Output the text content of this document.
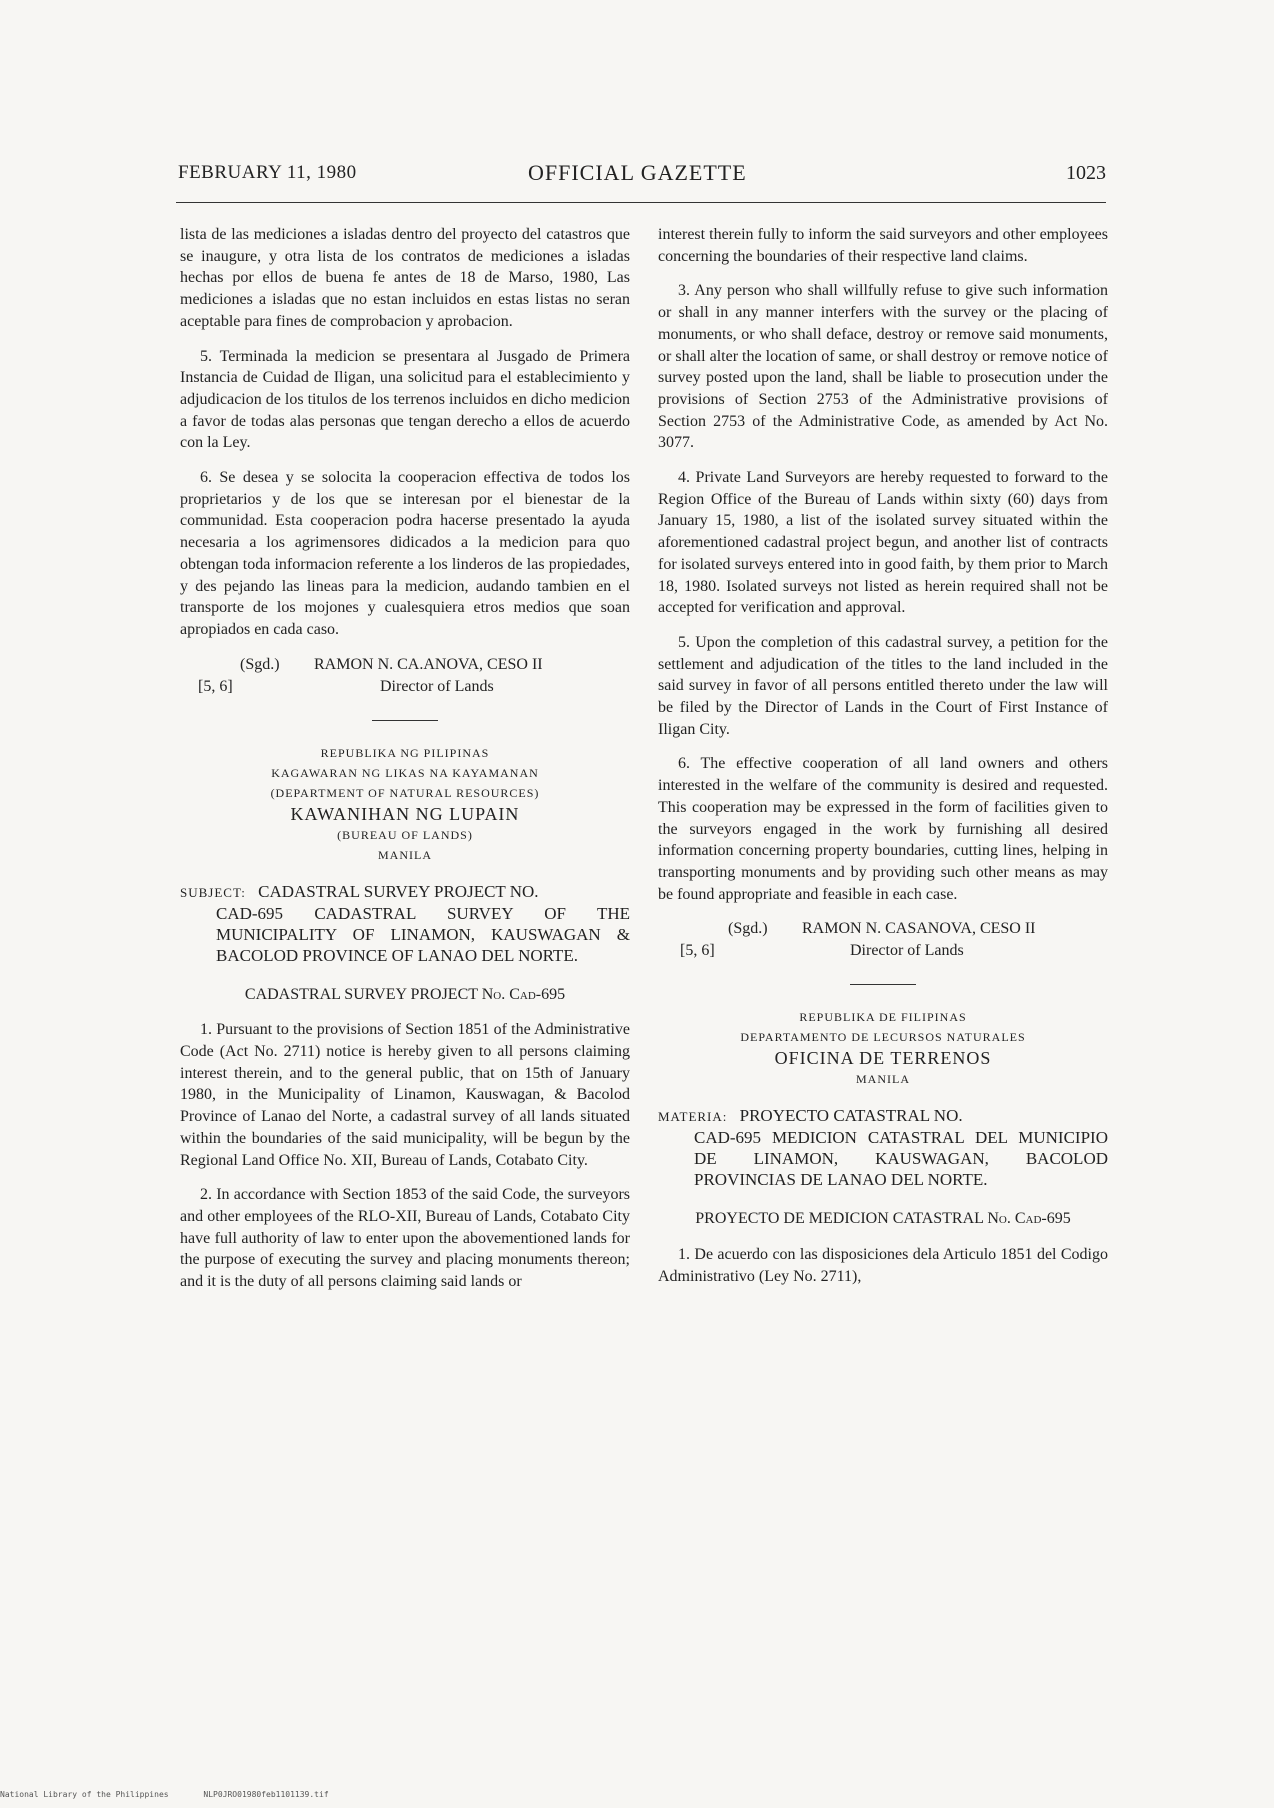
FEBRUARY 11, 1980	OFFICIAL GAZETTE	1023

lista de las mediciones a isladas dentro del proyecto del catastros que se inaugure, y otra lista de los contratos de mediciones a isladas hechas por ellos de buena fe antes de 18 de Marso, 1980, Las mediciones a isladas que no estan incluidos en estas listas no seran aceptable para fines de comprobacion y aprobacion.

5. Terminada la medicion se presentara al Jusgado de Primera Instancia de Cuidad de Iligan, una solicitud para el establecimiento y adjudicacion de los titulos de los terrenos incluidos en dicho medicion a favor de todas alas personas que tengan derecho a ellos de acuerdo con la Ley.

6. Se desea y se solocita la cooperacion effectiva de todos los proprietarios y de los que se interesan por el bienestar de la communidad. Esta cooperacion podra hacerse presentado la ayuda necesaria a los agrimensores didicados a la medicion para quo obtengan toda informacion referente a los linderos de las propiedades, y des pejando las lineas para la medicion, audando tambien en el transporte de los mojones y cualesquiera etros medios que soan apropiados en cada caso.

(Sgd.) RAMON N. CA.ANOVA, CESO II
[5, 6]	Director of Lands
REPUBLIKA NG PILIPINAS
KAGAWARAN NG LIKAS NA KAYAMANAN
(DEPARTMENT OF NATURAL RESOURCES)
KAWANIHAN NG LUPAIN
(BUREAU OF LANDS)
MANILA
SUBJECT: CADASTRAL SURVEY PROJECT NO.
CAD-695 CADASTRAL SURVEY OF THE MUNICIPALITY OF LINAMON, KAUSWAGAN & BACOLOD PROVINCE OF LANAO DEL NORTE.
CADASTRAL SURVEY PROJECT No. Cad-695

1. Pursuant to the provisions of Section 1851 of the Administrative Code (Act No. 2711) notice is hereby given to all persons claiming interest therein, and to the general public, that on 15th of January 1980, in the Municipality of Linamon, Kauswagan, & Bacolod Province of Lanao del Norte, a cadastral survey of all lands situated within the boundaries of the said municipality, will be begun by the Regional Land Office No. XII, Bureau of Lands, Cotabato City.

2. In accordance with Section 1853 of the said Code, the surveyors and other employees of the RLO-XII, Bureau of Lands, Cotabato City have full authority of law to enter upon the abovementioned lands for the purpose of executing the survey and placing monuments thereon; and it is the duty of all persons claiming said lands or

interest therein fully to inform the said surveyors and other employees concerning the boundaries of their respective land claims.

3. Any person who shall willfully refuse to give such information or shall in any manner interfers with the survey or the placing of monuments, or who shall deface, destroy or remove said monuments, or shall alter the location of same, or shall destroy or remove notice of survey posted upon the land, shall be liable to prosecution under the provisions of Section 2753 of the Administrative provisions of Section 2753 of the Administrative Code, as amended by Act No. 3077.

4. Private Land Surveyors are hereby requested to forward to the Region Office of the Bureau of Lands within sixty (60) days from January 15, 1980, a list of the isolated survey situated within the aforementioned cadastral project begun, and another list of contracts for isolated surveys entered into in good faith, by them prior to March 18, 1980. Isolated surveys not listed as herein required shall not be accepted for verification and approval.

5. Upon the completion of this cadastral survey, a petition for the settlement and adjudication of the titles to the land included in the said survey in favor of all persons entitled thereto under the law will be filed by the Director of Lands in the Court of First Instance of Iligan City.

6. The effective cooperation of all land owners and others interested in the welfare of the community is desired and requested. This cooperation may be expressed in the form of facilities given to the surveyors engaged in the work by furnishing all desired information concerning property boundaries, cutting lines, helping in transporting monuments and by providing such other means as may be found appropriate and feasible in each case.

(Sgd.) RAMON N. CASANOVA, CESO II
[5, 6]	Director of Lands
REPUBLIKA DE FILIPINAS
DEPARTAMENTO DE LECURSOS NATURALES
OFICINA DE TERRENOS
MANILA
MATERIA: PROYECTO CATASTRAL NO.
CAD-695 MEDICION CATASTRAL DEL MUNICIPIO DE LINAMON, KAUSWAGAN, BACOLOD PROVINCIAS DE LANAO DEL NORTE.
PROYECTO DE MEDICION CATASTRAL No. Cad-695

1. De acuerdo con las disposiciones dela Articulo 1851 del Codigo Administrativo (Ley No. 2711),

National Library of the Philippines	NLP0JRO01980feb1101139.tif
